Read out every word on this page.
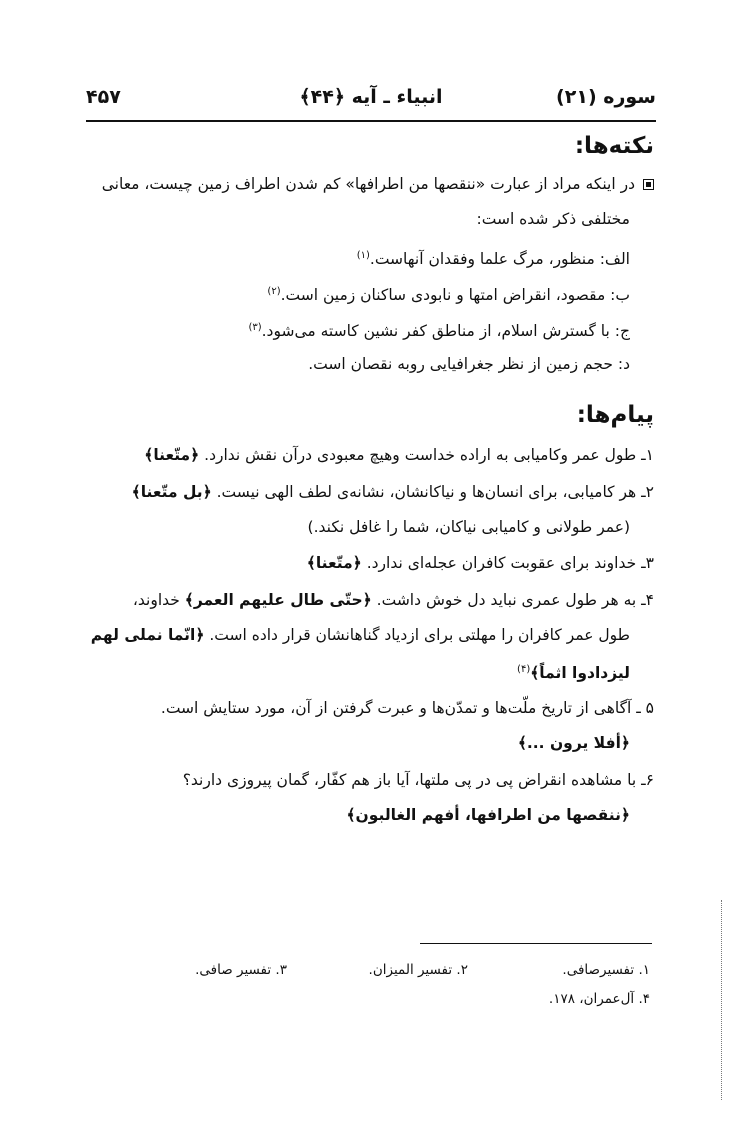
سوره (۲۱)
انبیاء ـ آیه ﴿۴۴﴾
۴۵۷
نکته‌ها:
در اینکه مراد از عبارت «ننقصها من اطرافها» کم شدن اطراف زمین چیست، معانی
مختلفی ذکر شده است:
الف: منظور، مرگ علما وفقدان آنهاست.$^{(۱)}$
ب: مقصود، انقراض امتها و نابودی ساکنان زمین است.$^{(۲)}$
ج: با گسترش اسلام، از مناطق کفر نشین کاسته می‌شود.$^{(۳)}$
د: حجم زمین از نظر جغرافیایی روبه نقصان است.
پیام‌ها:
۱ـ طول عمر وکامیابی به اراده خداست وهیچ معبودی درآن نقش ندارد. ﴿متّعنا﴾
۲ـ هر کامیابی، برای انسان‌ها و نیاکانشان، نشانه‌ی لطف الهی نیست. ﴿بل متّعنا﴾
(عمر طولانی و کامیابی نیاکان، شما را غافل نکند.)
۳ـ خداوند برای عقوبت کافران عجله‌ای ندارد. ﴿متّعنا﴾
۴ـ به هر طول عمری نباید دل خوش داشت. ﴿حتّی طال علیهم العمر﴾ خداوند،
طول عمر کافران را مهلتی برای ازدیاد گناهانشان قرار داده است. ﴿انّما نملی لهم
لیزدادوا اثماً﴾$^{(۴)}$
۵ ـ آگاهی از تاریخ ملّت‌ها و تمدّن‌ها و عبرت گرفتن از آن، مورد ستایش است.
﴿أفلا یرون ...﴾
۶ـ با مشاهده انقراض پی در پی ملتها، آیا باز هم کفّار، گمان پیروزی دارند؟
﴿ننقصها من اطرافها، أفهم الغالبون﴾
۱. تفسیرصافی.
۲. تفسیر المیزان.
۳. تفسیر صافی.
۴. آل‌عمران، ۱۷۸.
